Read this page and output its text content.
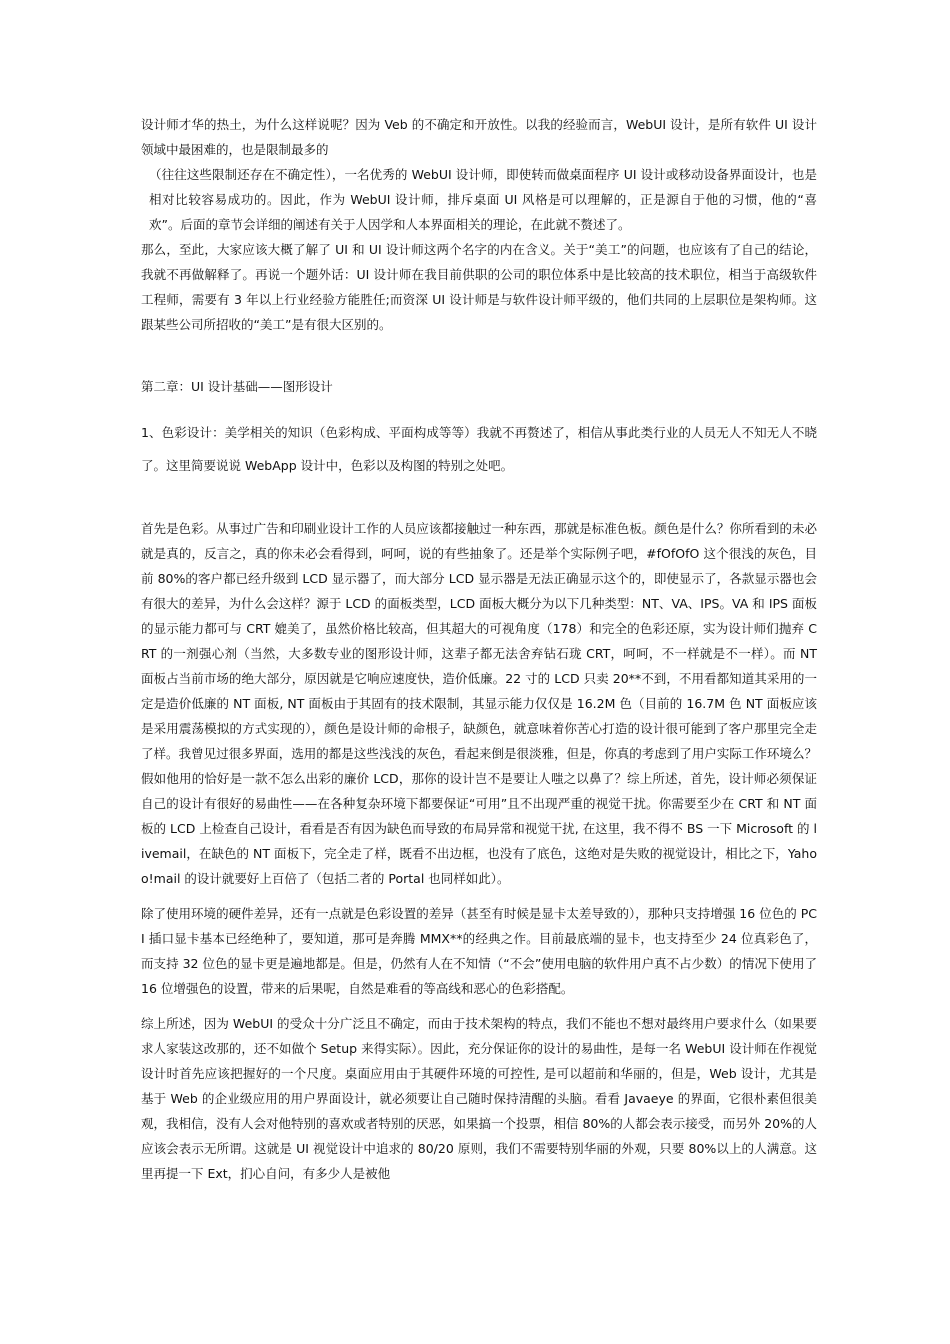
设计师才华的热土，为什么这样说呢？因为 Veb 的不确定和开放性。以我的经验而言，WebUI 设计，是所有软件 UI 设计领域中最困难的，也是限制最多的

（往往这些限制还存在不确定性），一名优秀的 WebUI 设计师，即使转而做桌面程序 UI 设计或移动设备界面设计，也是相对比较容易成功的。因此，作为 WebUI 设计师，排斥桌面 UI 风格是可以理解的，正是源自于他的习惯，他的“喜欢”。后面的章节会详细的阐述有关于人因学和人本界面相关的理论，在此就不赘述了。

那么，至此，大家应该大概了解了 UI 和 UI 设计师这两个名字的内在含义。关于“美工”的问题，也应该有了自己的结论，我就不再做解释了。再说一个题外话：UI 设计师在我目前供职的公司的职位体系中是比较高的技术职位，相当于高级软件工程师，需要有 3 年以上行业经验方能胜任;而资深 UI 设计师是与软件设计师平级的，他们共同的上层职位是架构师。这跟某些公司所招收的“美工”是有很大区别的。

第二章：UI 设计基础——图形设计

1、色彩设计：美学相关的知识（色彩构成、平面构成等等）我就不再赘述了，相信从事此类行业的人员无人不知无人不晓了。这里简要说说 WebApp 设计中，色彩以及构图的特别之处吧。

首先是色彩。从事过广告和印刷业设计工作的人员应该都接触过一种东西，那就是标准色板。颜色是什么？你所看到的未必就是真的，反言之，真的你未必会看得到，呵呵，说的有些抽象了。还是举个实际例子吧，#fOfOfO 这个很浅的灰色，目前 80%的客户都已经升级到 LCD 显示器了，而大部分 LCD 显示器是无法正确显示这个的，即使显示了，各款显示器也会有很大的差异，为什么会这样？源于 LCD 的面板类型，LCD 面板大概分为以下几种类型：NT、VA、IPS。VA 和 IPS 面板的显示能力都可与 CRT 媲美了，虽然价格比较高，但其超大的可视角度（178）和完全的色彩还原，实为设计师们抛弃 CRT 的一剂强心剂（当然，大多数专业的图形设计师，这辈子都无法舍弃钻石珑 CRT，呵呵，不一样就是不一样）。而 NT 面板占当前市场的绝大部分，原因就是它响应速度快，造价低廉。22 寸的 LCD 只卖 20**不到，不用看都知道其采用的一定是造价低廉的 NT 面板, NT 面板由于其固有的技术限制，其显示能力仅仅是 16.2M 色（目前的 16.7M 色 NT 面板应该是采用震荡模拟的方式实现的），颜色是设计师的命根子，缺颜色，就意味着你苦心打造的设计很可能到了客户那里完全走了样。我曾见过很多界面，选用的都是这些浅浅的灰色，看起来倒是很淡雅，但是，你真的考虑到了用户实际工作环境么？假如他用的恰好是一款不怎么出彩的廉价 LCD，那你的设计岂不是要让人嗤之以鼻了？综上所述，首先，设计师必须保证自己的设计有很好的易曲性——在各种复杂环境下都要保证“可用”且不出现严重的视觉干扰。你需要至少在 CRT 和 NT 面板的 LCD 上检查自己设计，看看是否有因为缺色而导致的布局异常和视觉干扰, 在这里，我不得不 BS 一下 Microsoft 的 livemail，在缺色的 NT 面板下，完全走了样，既看不出边框，也没有了底色，这绝对是失败的视觉设计，相比之下，Yahoo!mail 的设计就要好上百倍了（包括二者的 Portal 也同样如此）。

除了使用环境的硬件差异，还有一点就是色彩设置的差异（甚至有时候是显卡太差导致的），那种只支持增强 16 位色的 PCI 插口显卡基本已经绝种了，要知道，那可是奔腾 MMX**的经典之作。目前最底端的显卡，也支持至少 24 位真彩色了，而支持 32 位色的显卡更是遍地都是。但是，仍然有人在不知情（“不会”使用电脑的软件用户真不占少数）的情况下使用了 16 位增强色的设置，带来的后果呢，自然是难看的等高线和恶心的色彩搭配。

综上所述，因为 WebUI 的受众十分广泛且不确定，而由于技术架构的特点，我们不能也不想对最终用户要求什么（如果要求人家装这改那的，还不如做个 Setup 来得实际）。因此，充分保证你的设计的易曲性，是每一名 WebUI 设计师在作视觉设计时首先应该把握好的一个尺度。桌面应用由于其硬件环境的可控性, 是可以超前和华丽的，但是，Web 设计，尤其是基于 Web 的企业级应用的用户界面设计，就必须要让自己随时保持清醒的头脑。看看 Javaeye 的界面，它很朴素但很美观，我相信，没有人会对他特别的喜欢或者特别的厌恶，如果搞一个投票，相信 80%的人都会表示接受，而另外 20%的人应该会表示无所谓。这就是 UI 视觉设计中追求的 80/20 原则，我们不需要特别华丽的外观，只要 80%以上的人满意。这里再提一下 Ext，扪心自问，有多少人是被他
